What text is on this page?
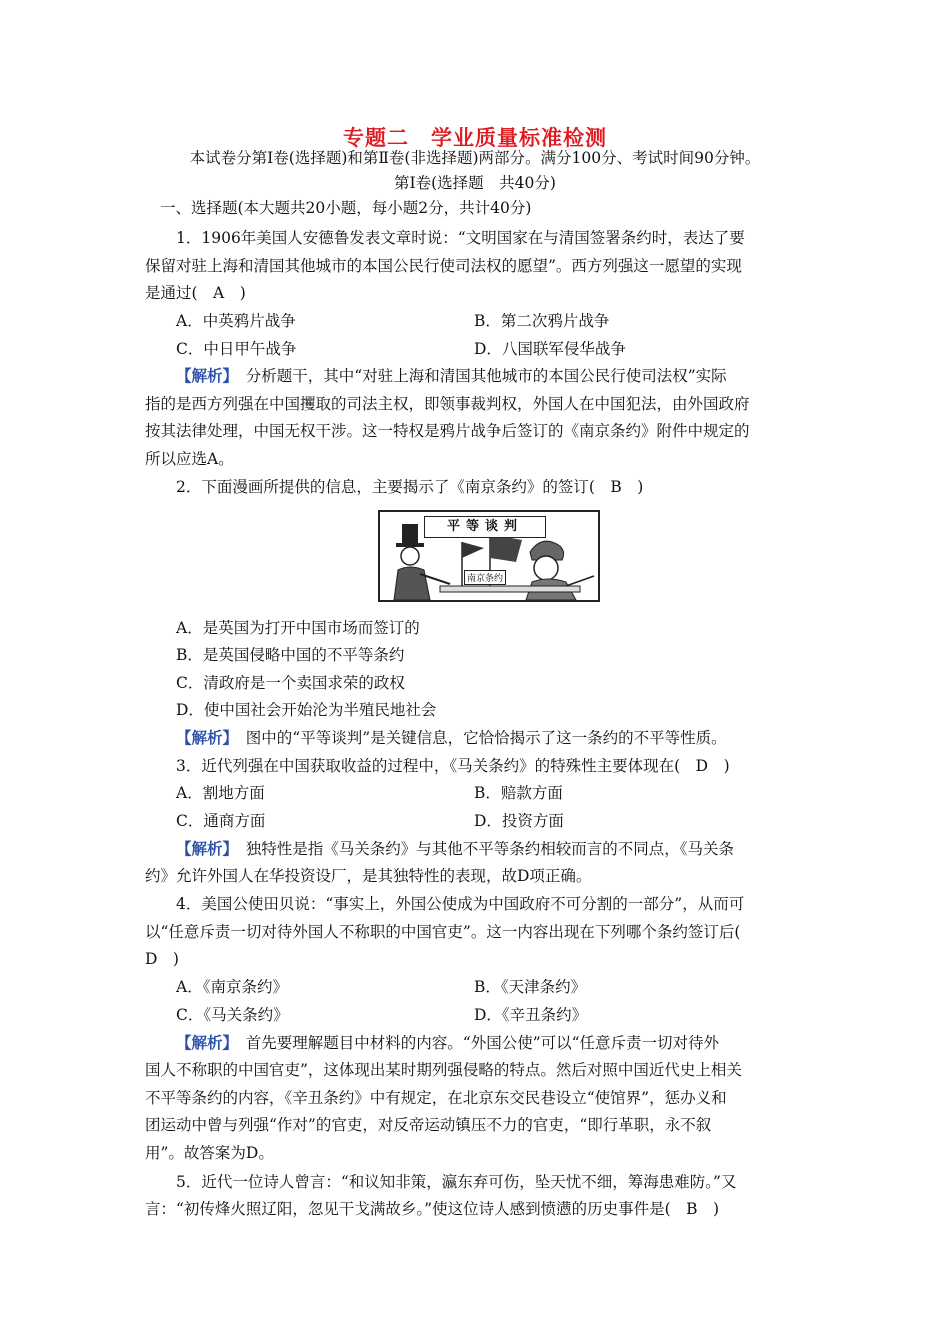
专题二　学业质量标准检测
本试卷分第Ⅰ卷(选择题)和第Ⅱ卷(非选择题)两部分。满分100分、考试时间90分钟。
第Ⅰ卷(选择题　共40分)
一、选择题(本大题共20小题，每小题2分，共计40分)
1．1906年美国人安德鲁发表文章时说：“文明国家在与清国签署条约时，表达了要
保留对驻上海和清国其他城市的本国公民行使司法权的愿望”。西方列强这一愿望的实现
是通过(　A　)
A．中英鸦片战争	B．第二次鸦片战争
C．中日甲午战争	D．八国联军侵华战争
【解析】　分析题干，其中“对驻上海和清国其他城市的本国公民行使司法权”实际
指的是西方列强在中国攫取的司法主权，即领事裁判权，外国人在中国犯法，由外国政府
按其法律处理，中国无权干涉。这一特权是鸦片战争后签订的《南京条约》附件中规定的
所以应选A。
2．下面漫画所提供的信息，主要揭示了《南京条约》的签订(　B　)
平等谈判
南京条约
A．是英国为打开中国市场而签订的
B．是英国侵略中国的不平等条约
C．清政府是一个卖国求荣的政权
D．使中国社会开始沦为半殖民地社会
【解析】　图中的“平等谈判”是关键信息，它恰恰揭示了这一条约的不平等性质。
3．近代列强在中国获取收益的过程中，《马关条约》的特殊性主要体现在(　D　)
A．割地方面	B．赔款方面
C．通商方面	D．投资方面
【解析】　独特性是指《马关条约》与其他不平等条约相较而言的不同点，《马关条
约》允许外国人在华投资设厂，是其独特性的表现，故D项正确。
4．美国公使田贝说：“事实上，外国公使成为中国政府不可分割的一部分”，从而可
以“任意斥责一切对待外国人不称职的中国官吏”。这一内容出现在下列哪个条约签订后(
D　)
A．《南京条约》	B．《天津条约》
C．《马关条约》	D．《辛丑条约》
【解析】　首先要理解题目中材料的内容。“外国公使”可以“任意斥责一切对待外
国人不称职的中国官吏”，这体现出某时期列强侵略的特点。然后对照中国近代史上相关
不平等条约的内容，《辛丑条约》中有规定，在北京东交民巷设立“使馆界”，惩办义和
团运动中曾与列强“作对”的官吏，对反帝运动镇压不力的官吏，“即行革职，永不叙
用”。故答案为D。
5．近代一位诗人曾言：“和议知非策，瀛东弃可伤，坠天忧不细，筹海患难防。”又
言：“初传烽火照辽阳，忽见干戈满故乡。”使这位诗人感到愤懑的历史事件是(　B　)
